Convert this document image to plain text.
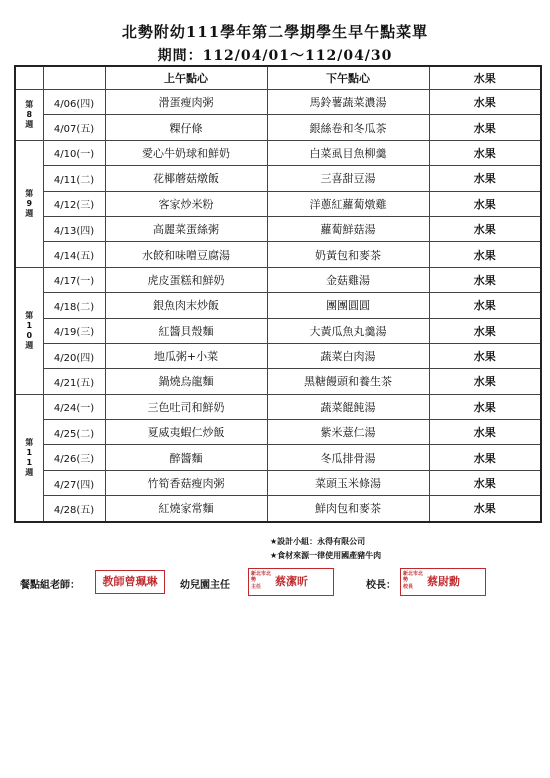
北勢附幼111學年第二學期學生早午點菜單
期間：112/04/01～112/04/30
		上午點心	下午點心	水果

第
8
週	4/06(四)	滑蛋瘦肉粥	馬鈴薯蔬菜濃湯	水果
	4/07(五)	粿仔條	銀絲卷和冬瓜茶	水果

第
9
週	4/10(一)	愛心牛奶球和鮮奶	白菜虱目魚柳羹	水果
	4/11(二)	花椰蘑菇燉飯	三喜甜豆湯	水果
	4/12(三)	客家炒米粉	洋蔥紅蘿蔔燉雞	水果
	4/13(四)	高麗菜蛋絲粥	蘿蔔鮮菇湯	水果
	4/14(五)	水餃和味噌豆腐湯	奶黃包和麥茶	水果

第
1
0
週	4/17(一)	虎皮蛋糕和鮮奶	金菇雞湯	水果
	4/18(二)	銀魚肉末炒飯	團團圓圓	水果
	4/19(三)	紅醬貝殼麵	大黃瓜魚丸羹湯	水果
	4/20(四)	地瓜粥+小菜	蔬菜白肉湯	水果
	4/21(五)	鍋燒烏龍麵	黑糖饅頭和養生茶	水果

第
1
1
週	4/24(一)	三色吐司和鮮奶	蔬菜餛飩湯	水果
	4/25(二)	夏威夷蝦仁炒飯	紫米薏仁湯	水果
	4/26(三)	醉醬麵	冬瓜排骨湯	水果
	4/27(四)	竹筍香菇瘦肉粥	菜頭玉米條湯	水果
	4/28(五)	紅燒家常麵	鮮肉包和麥茶	水果
★設計小組：永得有限公司
★食材來源一律使用國產豬牛肉
餐點組老師：	教師曾珮琳	幼兒園主任
新北市北勢
主任	蔡潔昕	校長：
新北市北勢
校長	蔡尉勳
